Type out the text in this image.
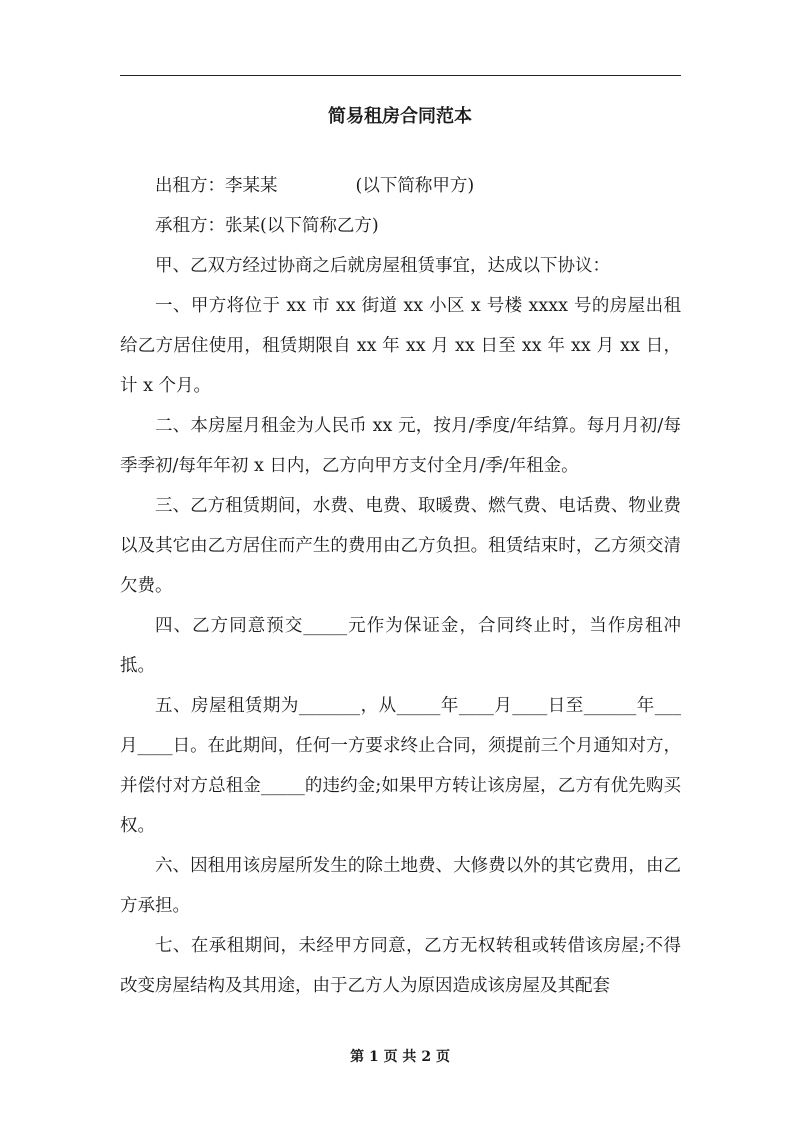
简易租房合同范本

出租方：李某某	(以下简称甲方)

承租方：张某(以下简称乙方)

甲、乙双方经过协商之后就房屋租赁事宜，达成以下协议：

一、甲方将位于 xx 市 xx 街道 xx 小区 x 号楼 xxxx 号的房屋出租给乙方居住使用，租赁期限自 xx 年 xx 月 xx 日至 xx 年 xx 月 xx 日，计 x 个月。

二、本房屋月租金为人民币 xx 元，按月/季度/年结算。每月月初/每季季初/每年年初 x 日内，乙方向甲方支付全月/季/年租金。

三、乙方租赁期间，水费、电费、取暖费、燃气费、电话费、物业费以及其它由乙方居住而产生的费用由乙方负担。租赁结束时，乙方须交清欠费。

四、乙方同意预交_____元作为保证金，合同终止时，当作房租冲抵。

五、房屋租赁期为_______，从_____年____月____日至______年___月____日。在此期间，任何一方要求终止合同，须提前三个月通知对方，并偿付对方总租金_____的违约金;如果甲方转让该房屋，乙方有优先购买权。

六、因租用该房屋所发生的除土地费、大修费以外的其它费用，由乙方承担。

七、在承租期间，未经甲方同意，乙方无权转租或转借该房屋;不得改变房屋结构及其用途，由于乙方人为原因造成该房屋及其配套

第 1 页 共 2 页
